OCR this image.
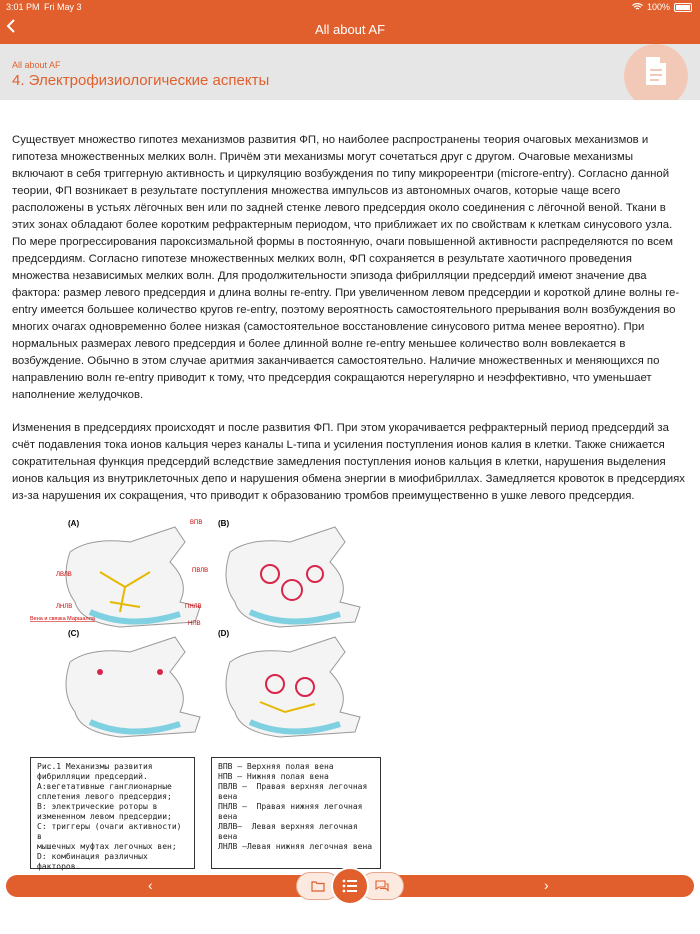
3:01 PM Fri May 3	100%
All about AF
All about AF
4. Электрофизиологические аспекты

Существует множество гипотез механизмов развития ФП, но наиболее распространены теория очаговых механизмов и гипотеза множественных мелких волн. Причём эти механизмы могут сочетаться друг с другом. Очаговые механизмы включают в себя триггерную активность и циркуляцию возбуждения по типу микрореентри (microre-entry). Согласно данной теории, ФП возникает в результате поступления множества импульсов из автономных очагов, которые чаще всего расположены в устьях лёгочных вен или по задней стенке левого предсердия около соединения с лёгочной веной. Ткани в этих зонах обладают более коротким рефрактерным периодом, что приближает их по свойствам к клеткам синусового узла. По мере прогрессирования пароксизмальной формы в постоянную, очаги повышенной активности распределяются по всем предсердиям. Согласно гипотезе множественных мелких волн, ФП сохраняется в результате хаотичного проведения множества независимых мелких волн. Для продолжительности эпизода фибрилляции предсердий имеют значение два фактора: размер левого предсердия и длина волны re-entry. При увеличенном левом предсердии и короткой длине волны re-entry имеется большее количество кругов re-entry, поэтому вероятность самостоятельного прерывания волн возбуждения во многих очагах одновременно более низкая (самостоятельное восстановление синусового ритма менее вероятно). При нормальных размерах левого предсердия и более длинной волне re-entry меньшее количество волн вовлекается в возбуждение. Обычно в этом случае аритмия заканчивается самостоятельно. Наличие множественных и меняющихся по направлению волн re-entry приводит к тому, что предсердия сокращаются нерегулярно и неэффективно, что уменьшает наполнение желудочков.

Изменения в предсердиях происходят и после развития ФП. При этом укорачивается рефрактерный период предсердий за счёт подавления тока ионов кальция через каналы L-типа и усиления поступления ионов калия в клетки. Также снижается сократительная функция предсердий вследствие замедления поступления ионов кальция в клетки, нарушения выделения ионов кальция из внутриклеточных депо и нарушения обмена энергии в миофибриллах. Замедляется кровоток в предсердиях из-за нарушения их сокращения, что приводит к образованию тромбов преимущественно в ушке левого предсердия.

(A)	(B)
(C)	(D)
ВПВ
ПВЛВ
ЛВЛВ
ЛНЛВ	ПНЛВ
НПВ
Вена и связка Маршалла
Рис.1 Механизмы развития
фибрилляции предсердий.
А:вегетативные ганглионарные
сплетения левого предсердия;
В: электрические роторы в
измененном левом предсердии;
С: триггеры (очаги активности) в
мышечных муфтах легочных вен;
D: комбинация различных
факторов.
ВПВ – Верхняя полая вена
НПВ – Нижняя полая вена
ПВЛВ –  Правая верхняя легочная
вена
ПНЛВ –  Правая нижняя легочная
вена
ЛВЛВ–  Левая верхняя легочная
вена
ЛНЛВ –Левая нижняя легочная вена
‹	›
